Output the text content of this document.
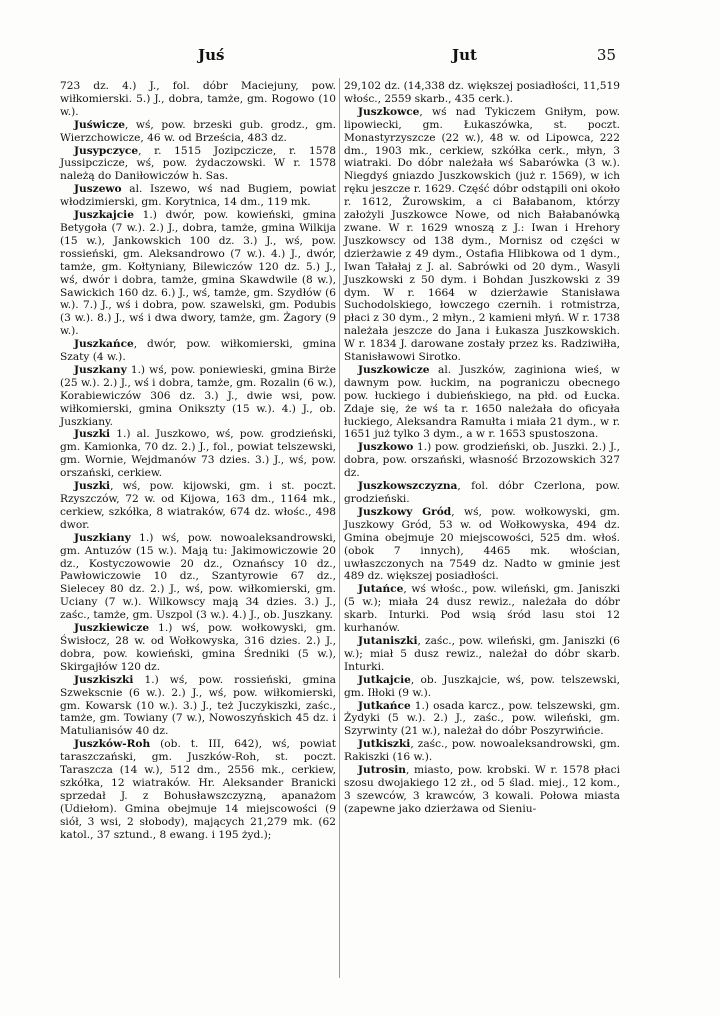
Juś	Jut	35

723 dz. 4.) J., fol. dóbr Maciejuny, pow. wiłkomierski. 5.) J., dobra, tamże, gm. Rogowo (10 w.).

Juświcze, wś, pow. brzeski gub. grodz., gm. Wierzchowicze, 46 w. od Brześcia, 483 dz.

Jusypczyce, r. 1515 Jozipczicze, r. 1578 Jussipczicze, wś, pow. żydaczowski. W r. 1578 należą do Daniłowiczów h. Sas.

Juszewo al. Iszewo, wś nad Bugiem, powiat włodzimierski, gm. Korytnica, 14 dm., 119 mk.

Juszkajcie 1.) dwór, pow. kowieński, gmina Betygoła (7 w.). 2.) J., dobra, tamże, gmina Wilkija (15 w.), Jankowskich 100 dz. 3.) J., wś, pow. rossieński, gm. Aleksandrowo (7 w.). 4.) J., dwór, tamże, gm. Kołtyniany, Bilewiczów 120 dz. 5.) J., wś, dwór i dobra, tamże, gmina Skawdwile (8 w.), Sawickich 160 dz. 6.) J., wś, tamże, gm. Szydłów (6 w.). 7.) J., wś i dobra, pow. szawelski, gm. Podubis (3 w.). 8.) J., wś i dwa dwory, tamże, gm. Żagory (9 w.).

Juszkańce, dwór, pow. wiłkomierski, gmina Szaty (4 w.).

Juszkany 1.) wś, pow. poniewieski, gmina Birże (25 w.). 2.) J., wś i dobra, tamże, gm. Rozalin (6 w.), Korabiewiczów 306 dz. 3.) J., dwie wsi, pow. wiłkomierski, gmina Onikszty (15 w.). 4.) J., ob. Juszkiany.

Juszki 1.) al. Juszkowo, wś, pow. grodzieński, gm. Kamionka, 70 dz. 2.) J., fol., powiat telszewski, gm. Wornie, Wejdmanów 73 dzies. 3.) J., wś, pow. orszański, cerkiew.

Juszki, wś, pow. kijowski, gm. i st. poczt. Rzyszczów, 72 w. od Kijowa, 163 dm., 1164 mk., cerkiew, szkółka, 8 wiatraków, 674 dz. włośc., 498 dwor.

Juszkiany 1.) wś, pow. nowoaleksandrowski, gm. Antuzów (15 w.). Mają tu: Jakimowiczowie 20 dz., Kostyczowowie 20 dz., Oznańscy 10 dz., Pawłowiczowie 10 dz., Szantyrowie 67 dz., Sielecey 80 dz. 2.) J., wś, pow. wiłkomierski, gm. Uciany (7 w.). Wilkowscy mają 34 dzies. 3.) J., zaśc., tamże, gm. Uszpol (3 w.). 4.) J., ob. Juszkany.

Juszkiewicze 1.) wś, pow. wołkowyski, gm. Świsłocz, 28 w. od Wołkowyska, 316 dzies. 2.) J., dobra, pow. kowieński, gmina Średniki (5 w.), Skirgajłów 120 dz.

Juszkiszki 1.) wś, pow. rossieński, gmina Szwekscnie (6 w.). 2.) J., wś, pow. wiłkomierski, gm. Kowarsk (10 w.). 3.) J., też Juczykiszki, zaśc., tamże, gm. Towiany (7 w.), Nowoszyńskich 45 dz. i Matulianisów 40 dz.

Juszków-Roh (ob. t. III, 642), wś, powiat taraszczański, gm. Juszków-Roh, st. poczt. Taraszcza (14 w.), 512 dm., 2556 mk., cerkiew, szkółka, 12 wiatraków. Hr. Aleksander Branicki sprzedał J. z Bohusławszczyzną, apanażom (Udiełom). Gmina obejmuje 14 miejscowości (9 siół, 3 wsi, 2 słobody), mających 21,279 mk. (62 katol., 37 sztund., 8 ewang. i 195 żyd.);

29,102 dz. (14,338 dz. większej posiadłości, 11,519 włośc., 2559 skarb., 435 cerk.).

Juszkowce, wś nad Tykiczem Gniłym, pow. lipowiecki, gm. Łukaszówka, st. poczt. Monastyrzyszcze (22 w.), 48 w. od Lipowca, 222 dm., 1903 mk., cerkiew, szkółka cerk., młyn, 3 wiatraki. Do dóbr należała wś Sabarówka (3 w.). Niegdyś gniazdo Juszkowskich (już r. 1569), w ich ręku jeszcze r. 1629. Część dóbr odstąpili oni około r. 1612, Żurowskim, a ci Bałabanom, którzy założyli Juszkowce Nowe, od nich Bałabanówką zwane. W r. 1629 wnoszą z J.: Iwan i Hrehory Juszkowscy od 138 dym., Mornisz od części w dzierżawie z 49 dym., Ostafia Hlibkowa od 1 dym., Iwan Tałałaj z J. al. Sabrówki od 20 dym., Wasyli Juszkowski z 50 dym. i Bohdan Juszkowski z 39 dym. W r. 1664 w dzierżawie Stanisława Suchodolskiego, łowczego czernih. i rotmistrza, płaci z 30 dym., 2 młyn., 2 kamieni młyń. W r. 1738 należała jeszcze do Jana i Łukasza Juszkowskich. W r. 1834 J. darowane zostały przez ks. Radziwiłła, Stanisławowi Sirotko.

Juszkowicze al. Juszków, zaginiona wieś, w dawnym pow. łuckim, na pograniczu obecnego pow. łuckiego i dubieńskiego, na płd. od Łucka. Zdaje się, że wś ta r. 1650 należała do oficyała łuckiego, Aleksandra Ramułta i miała 21 dym., w r. 1651 już tylko 3 dym., a w r. 1653 spustoszona.

Juszkowo 1.) pow. grodzieński, ob. Juszki. 2.) J., dobra, pow. orszański, własność Brzozowskich 327 dz.

Juszkowszczyzna, fol. dóbr Czerlona, pow. grodzieński.

Juszkowy Gród, wś, pow. wołkowyski, gm. Juszkowy Gród, 53 w. od Wołkowyska, 494 dz. Gmina obejmuje 20 miejscowości, 525 dm. włoś. (obok 7 innych), 4465 mk. włościan, uwłaszczonych na 7549 dz. Nadto w gminie jest 489 dz. większej posiadłości.

Jutańce, wś włośc., pow. wileński, gm. Janiszki (5 w.); miała 24 dusz rewiz., należała do dóbr skarb. Inturki. Pod wsią śród lasu stoi 12 kurhanów.

Jutaniszki, zaśc., pow. wileński, gm. Janiszki (6 w.); miał 5 dusz rewiz., należał do dóbr skarb. Inturki.

Jutkajcie, ob. Juszkajcie, wś, pow. telszewski, gm. Iłłoki (9 w.).

Jutkańce 1.) osada karcz., pow. telszewski, gm. Żydyki (5 w.). 2.) J., zaśc., pow. wileński, gm. Szyrwinty (21 w.), należał do dóbr Poszyrwińcie.

Jutkiszki, zaśc., pow. nowoaleksandrowski, gm. Rakiszki (16 w.).

Jutrosin, miasto, pow. krobski. W r. 1578 płaci szosu dwojakiego 12 zł., od 5 ślad. miej., 12 kom., 3 szewców, 3 krawców, 3 kowali. Połowa miasta (zapewne jako dzierżawa od Sieniu-
